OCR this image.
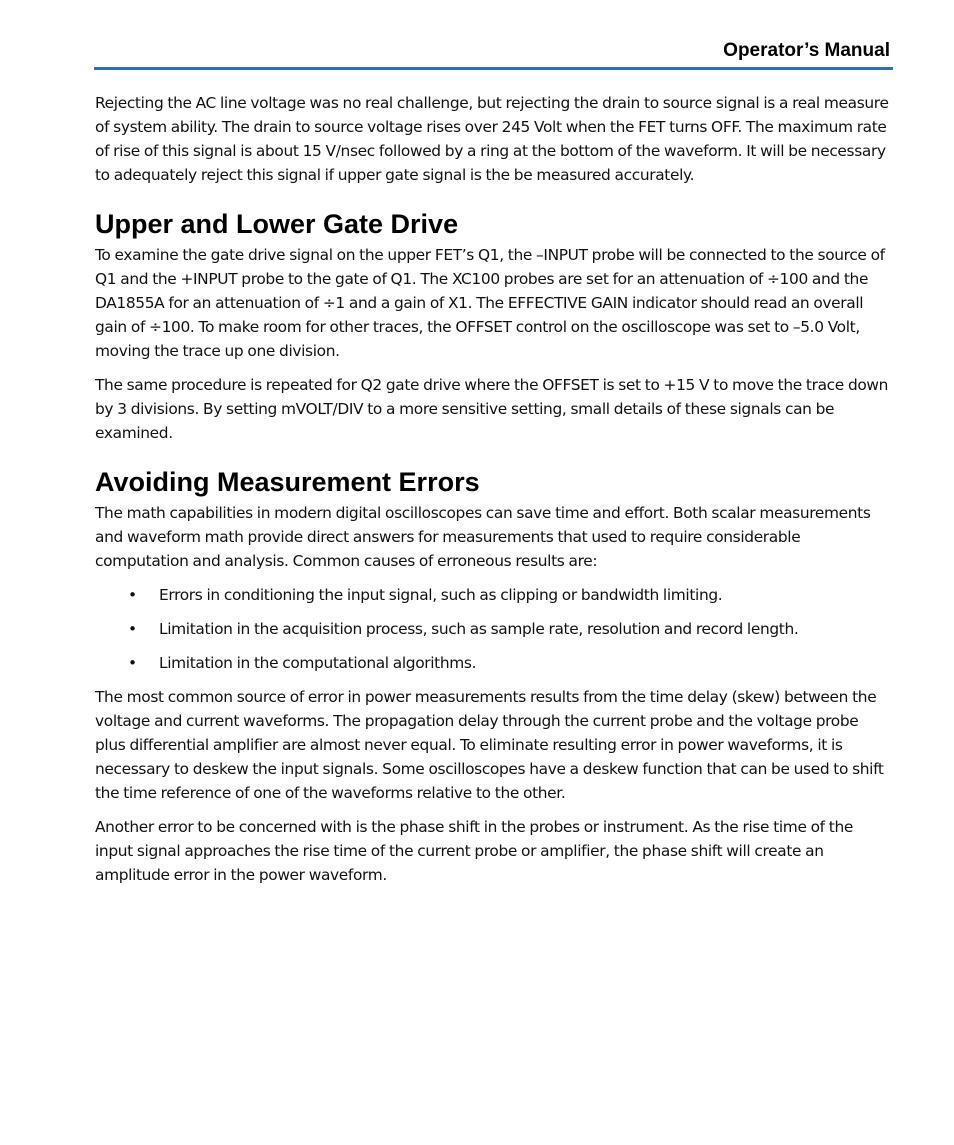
Operator’s Manual

Rejecting the AC line voltage was no real challenge, but rejecting the drain to source signal is a real measure of system ability. The drain to source voltage rises over 245 Volt when the FET turns OFF. The maximum rate of rise of this signal is about 15 V/nsec followed by a ring at the bottom of the waveform. It will be necessary to adequately reject this signal if upper gate signal is the be measured accurately.

Upper and Lower Gate Drive

To examine the gate drive signal on the upper FET’s Q1, the –INPUT probe will be connected to the source of Q1 and the +INPUT probe to the gate of Q1. The XC100 probes are set for an attenuation of ÷100 and the DA1855A for an attenuation of ÷1 and a gain of X1. The EFFECTIVE GAIN indicator should read an overall gain of ÷100. To make room for other traces, the OFFSET control on the oscilloscope was set to –5.0 Volt, moving the trace up one division.

The same procedure is repeated for Q2 gate drive where the OFFSET is set to +15 V to move the trace down by 3 divisions. By setting mVOLT/DIV to a more sensitive setting, small details of these signals can be examined.

Avoiding Measurement Errors

The math capabilities in modern digital oscilloscopes can save time and effort. Both scalar measurements and waveform math provide direct answers for measurements that used to require considerable computation and analysis. Common causes of erroneous results are:

• Errors in conditioning the input signal, such as clipping or bandwidth limiting.
• Limitation in the acquisition process, such as sample rate, resolution and record length.
• Limitation in the computational algorithms.

The most common source of error in power measurements results from the time delay (skew) between the voltage and current waveforms. The propagation delay through the current probe and the voltage probe plus differential amplifier are almost never equal. To eliminate resulting error in power waveforms, it is necessary to deskew the input signals. Some oscilloscopes have a deskew function that can be used to shift the time reference of one of the waveforms relative to the other.

Another error to be concerned with is the phase shift in the probes or instrument. As the rise time of the input signal approaches the rise time of the current probe or amplifier, the phase shift will create an amplitude error in the power waveform.
